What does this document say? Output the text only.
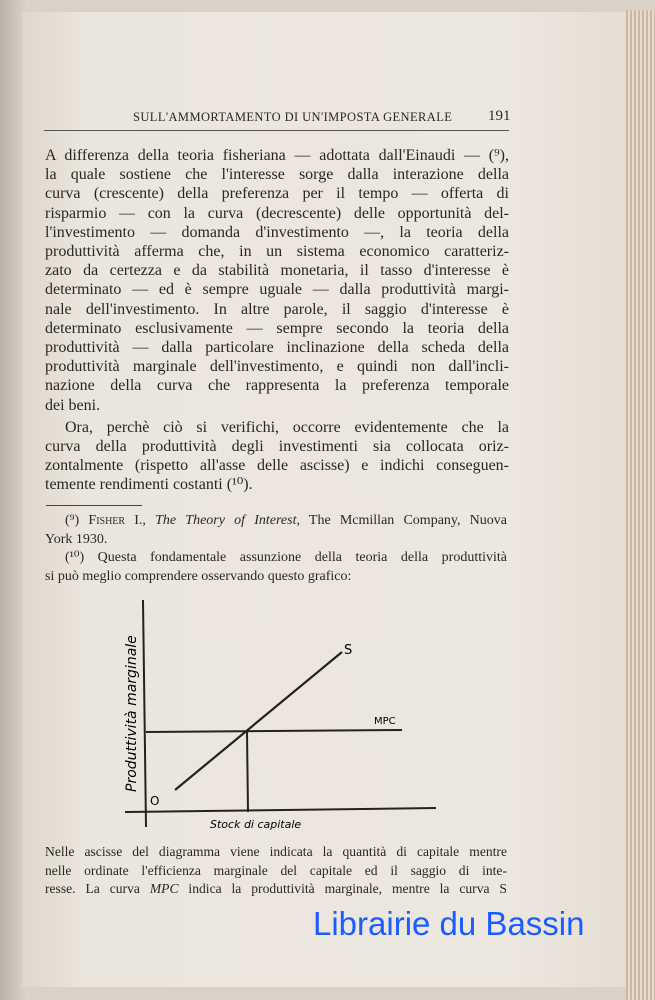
SULL'AMMORTAMENTO DI UN'IMPOSTA GENERALE	191
A differenza della teoria fisheriana — adottata dall'Einaudi — (⁹),
la quale sostiene che l'interesse sorge dalla interazione della
curva (crescente) della preferenza per il tempo — offerta di
risparmio — con la curva (decrescente) delle opportunità del-
l'investimento — domanda d'investimento —, la teoria della
produttività afferma che, in un sistema economico caratteriz-
zato da certezza e da stabilità monetaria, il tasso d'interesse è
determinato — ed è sempre uguale — dalla produttività margi-
nale dell'investimento. In altre parole, il saggio d'interesse è
determinato esclusivamente — sempre secondo la teoria della
produttività — dalla particolare inclinazione della scheda della
produttività marginale dell'investimento, e quindi non dall'incli-
nazione della curva che rappresenta la preferenza temporale
dei beni.
Ora, perchè ciò si verifichi, occorre evidentemente che la
curva della produttività degli investimenti sia collocata oriz-
zontalmente (rispetto all'asse delle ascisse) e indichi conseguen-
temente rendimenti costanti (¹⁰).
(⁹) Fisher I., The Theory of Interest, The Mcmillan Company, Nuova
York 1930.
(¹⁰) Questa fondamentale assunzione della teoria della produttività
si può meglio comprendere osservando questo grafico:
Produttività marginale
Stock di capitale
O
S
MPC
Nelle ascisse del diagramma viene indicata la quantità di capitale mentre
nelle ordinate l'efficienza marginale del capitale ed il saggio di inte-
resse. La curva MPC indica la produttività marginale, mentre la curva S
Librairie du Bassin
